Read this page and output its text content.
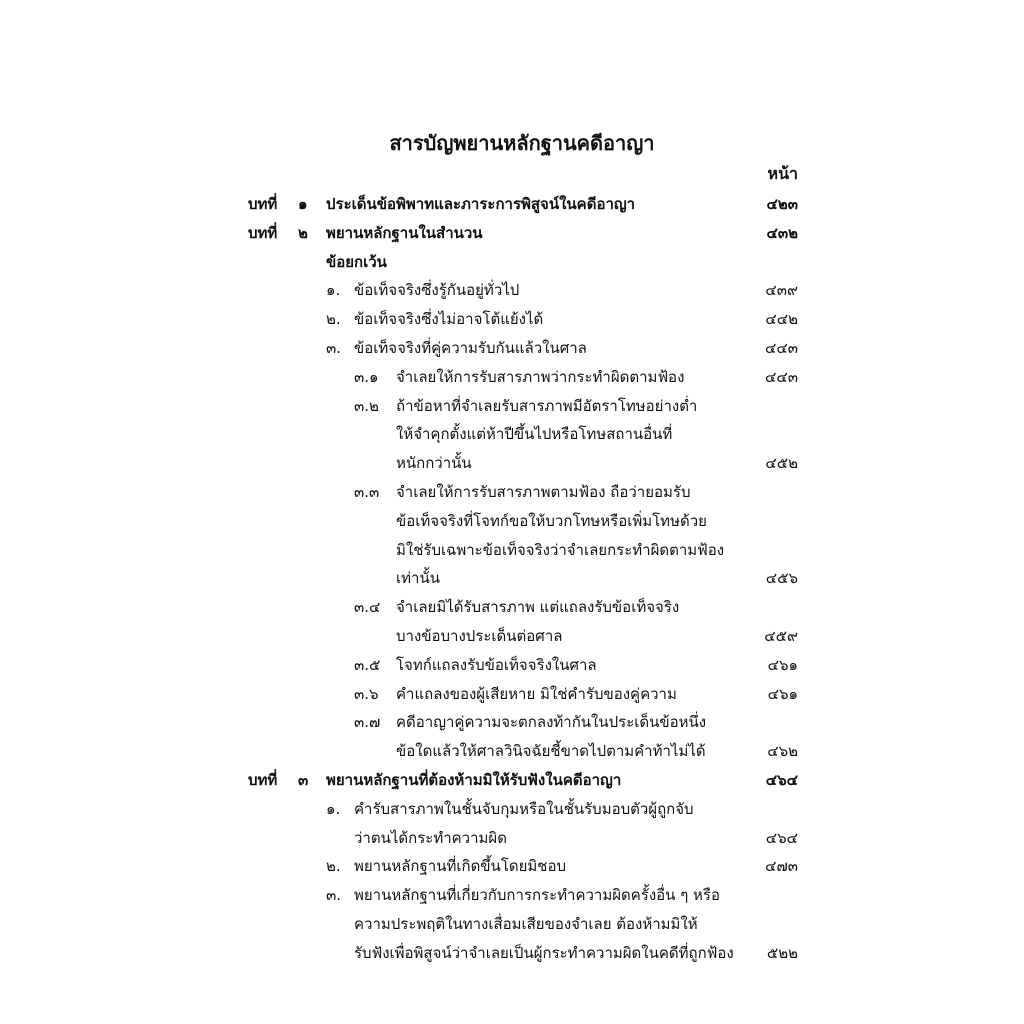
สารบัญพยานหลักฐานคดีอาญา
หน้า
บทที่ ๑ ประเด็นข้อพิพาทและภาระการพิสูจน์ในคดีอาญา	๔๒๓
บทที่ ๒ พยานหลักฐานในสำนวน	๔๓๒
ข้อยกเว้น
๑. ข้อเท็จจริงซึ่งรู้กันอยู่ทั่วไป	๔๓๙
๒. ข้อเท็จจริงซึ่งไม่อาจโต้แย้งได้	๔๔๒
๓. ข้อเท็จจริงที่คู่ความรับกันแล้วในศาล	๔๔๓
๓.๑ จำเลยให้การรับสารภาพว่ากระทำผิดตามฟ้อง	๔๔๓
๓.๒ ถ้าข้อหาที่จำเลยรับสารภาพมีอัตราโทษอย่างต่ำ
ให้จำคุกตั้งแต่ห้าปีขึ้นไปหรือโทษสถานอื่นที่
หนักกว่านั้น	๔๕๒
๓.๓ จำเลยให้การรับสารภาพตามฟ้อง ถือว่ายอมรับ
ข้อเท็จจริงที่โจทก์ขอให้บวกโทษหรือเพิ่มโทษด้วย
มิใช่รับเฉพาะข้อเท็จจริงว่าจำเลยกระทำผิดตามฟ้อง
เท่านั้น	๔๕๖
๓.๔ จำเลยมิได้รับสารภาพ แต่แถลงรับข้อเท็จจริง
บางข้อบางประเด็นต่อศาล	๔๕๙
๓.๕ โจทก์แถลงรับข้อเท็จจริงในศาล	๔๖๑
๓.๖ คำแถลงของผู้เสียหาย มิใช่คำรับของคู่ความ	๔๖๑
๓.๗ คดีอาญาคู่ความจะตกลงท้ากันในประเด็นข้อหนึ่ง
ข้อใดแล้วให้ศาลวินิจฉัยชี้ขาดไปตามคำท้าไม่ได้	๔๖๒
บทที่ ๓ พยานหลักฐานที่ต้องห้ามมิให้รับฟังในคดีอาญา	๔๖๔
๑. คำรับสารภาพในชั้นจับกุมหรือในชั้นรับมอบตัวผู้ถูกจับ
ว่าตนได้กระทำความผิด	๔๖๔
๒. พยานหลักฐานที่เกิดขึ้นโดยมิชอบ	๔๗๓
๓. พยานหลักฐานที่เกี่ยวกับการกระทำความผิดครั้งอื่น ๆ หรือ
ความประพฤติในทางเสื่อมเสียของจำเลย ต้องห้ามมิให้
รับฟังเพื่อพิสูจน์ว่าจำเลยเป็นผู้กระทำความผิดในคดีที่ถูกฟ้อง	๕๒๒
